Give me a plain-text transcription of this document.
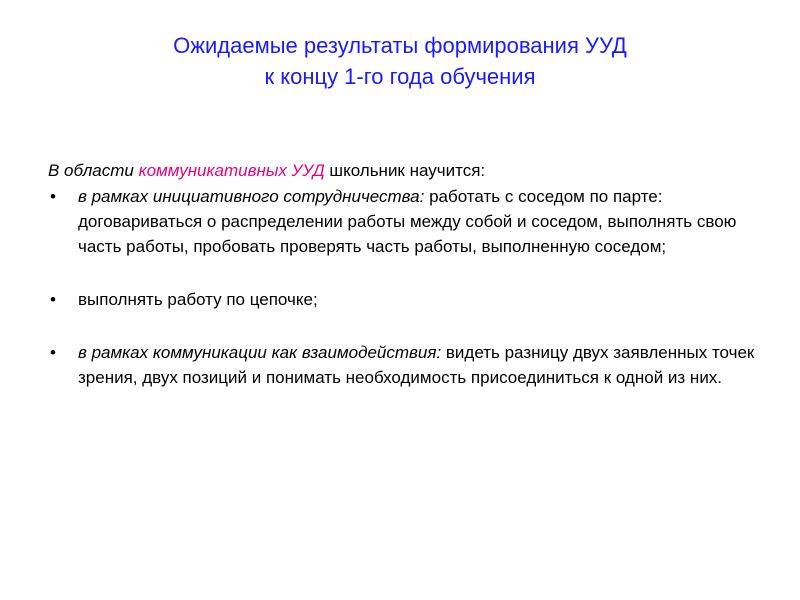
Ожидаемые результаты формирования УУД
к концу 1-го года обучения

В области коммуникативных УУД школьник научится:

• в рамках инициативного сотрудничества: работать с соседом по парте: договариваться о распределении работы между собой и соседом, выполнять свою часть работы, пробовать проверять часть работы, выполненную соседом;
• выполнять работу по цепочке;
• в рамках коммуникации как взаимодействия: видеть разницу двух заявленных точек зрения, двух позиций и понимать необходимость присоединиться к одной из них.
